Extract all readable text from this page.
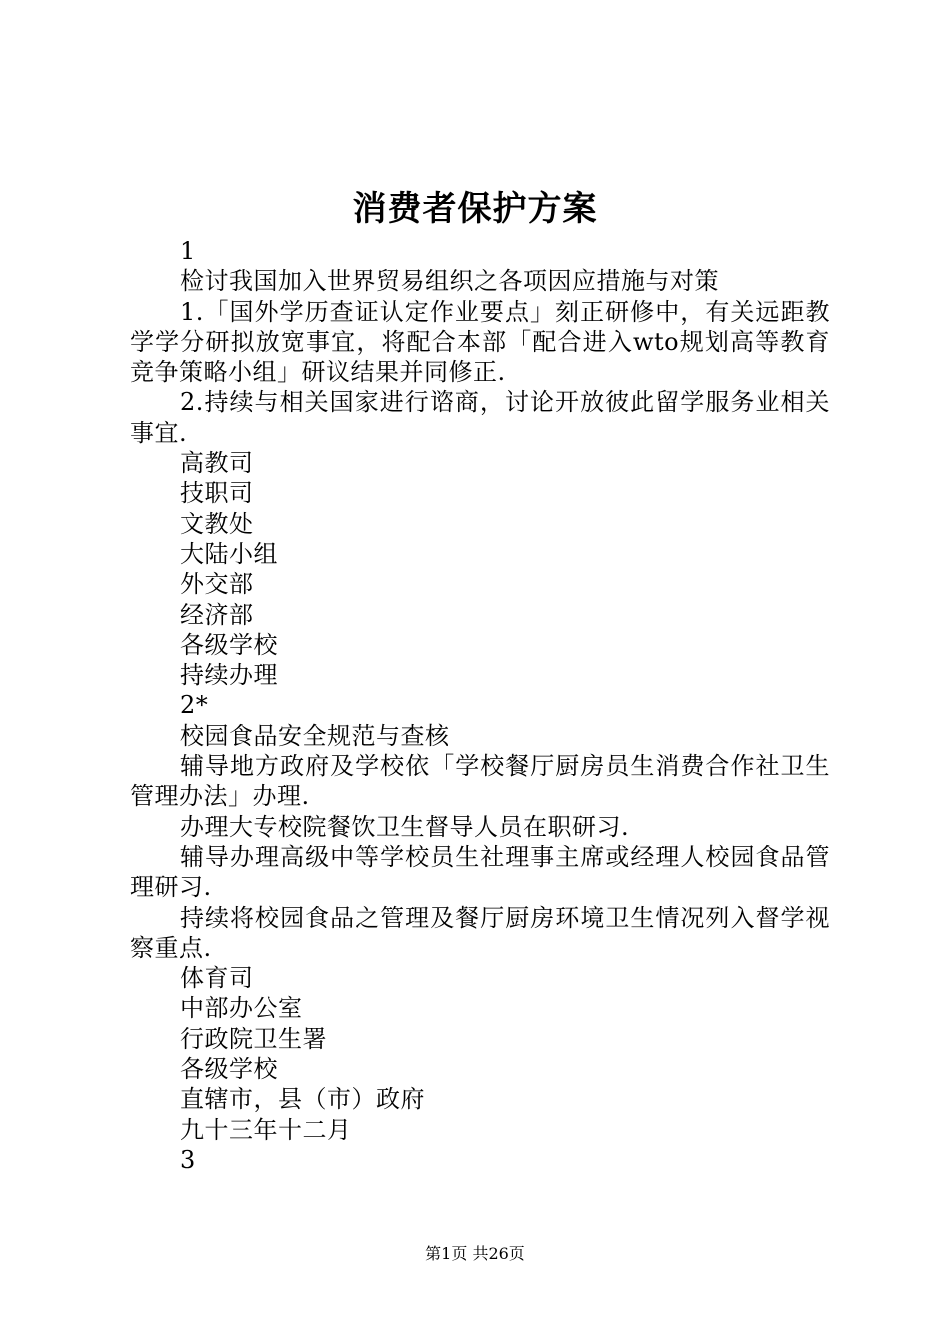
消费者保护方案

1

检讨我国加入世界贸易组织之各项因应措施与对策

1.「国外学历查证认定作业要点」刻正研修中，有关远距教学学分研拟放宽事宜，将配合本部「配合进入wto规划高等教育竞争策略小组」研议结果并同修正.

2.持续与相关国家进行谘商，讨论开放彼此留学服务业相关事宜.

高教司

技职司

文教处

大陆小组

外交部

经济部

各级学校

持续办理

2*

校园食品安全规范与查核

辅导地方政府及学校依「学校餐厅厨房员生消费合作社卫生管理办法」办理.

办理大专校院餐饮卫生督导人员在职研习.

辅导办理高级中等学校员生社理事主席或经理人校园食品管理研习.

持续将校园食品之管理及餐厅厨房环境卫生情况列入督学视察重点.

体育司

中部办公室

行政院卫生署

各级学校

直辖市，县（市）政府

九十三年十二月

3

第1页 共26页
